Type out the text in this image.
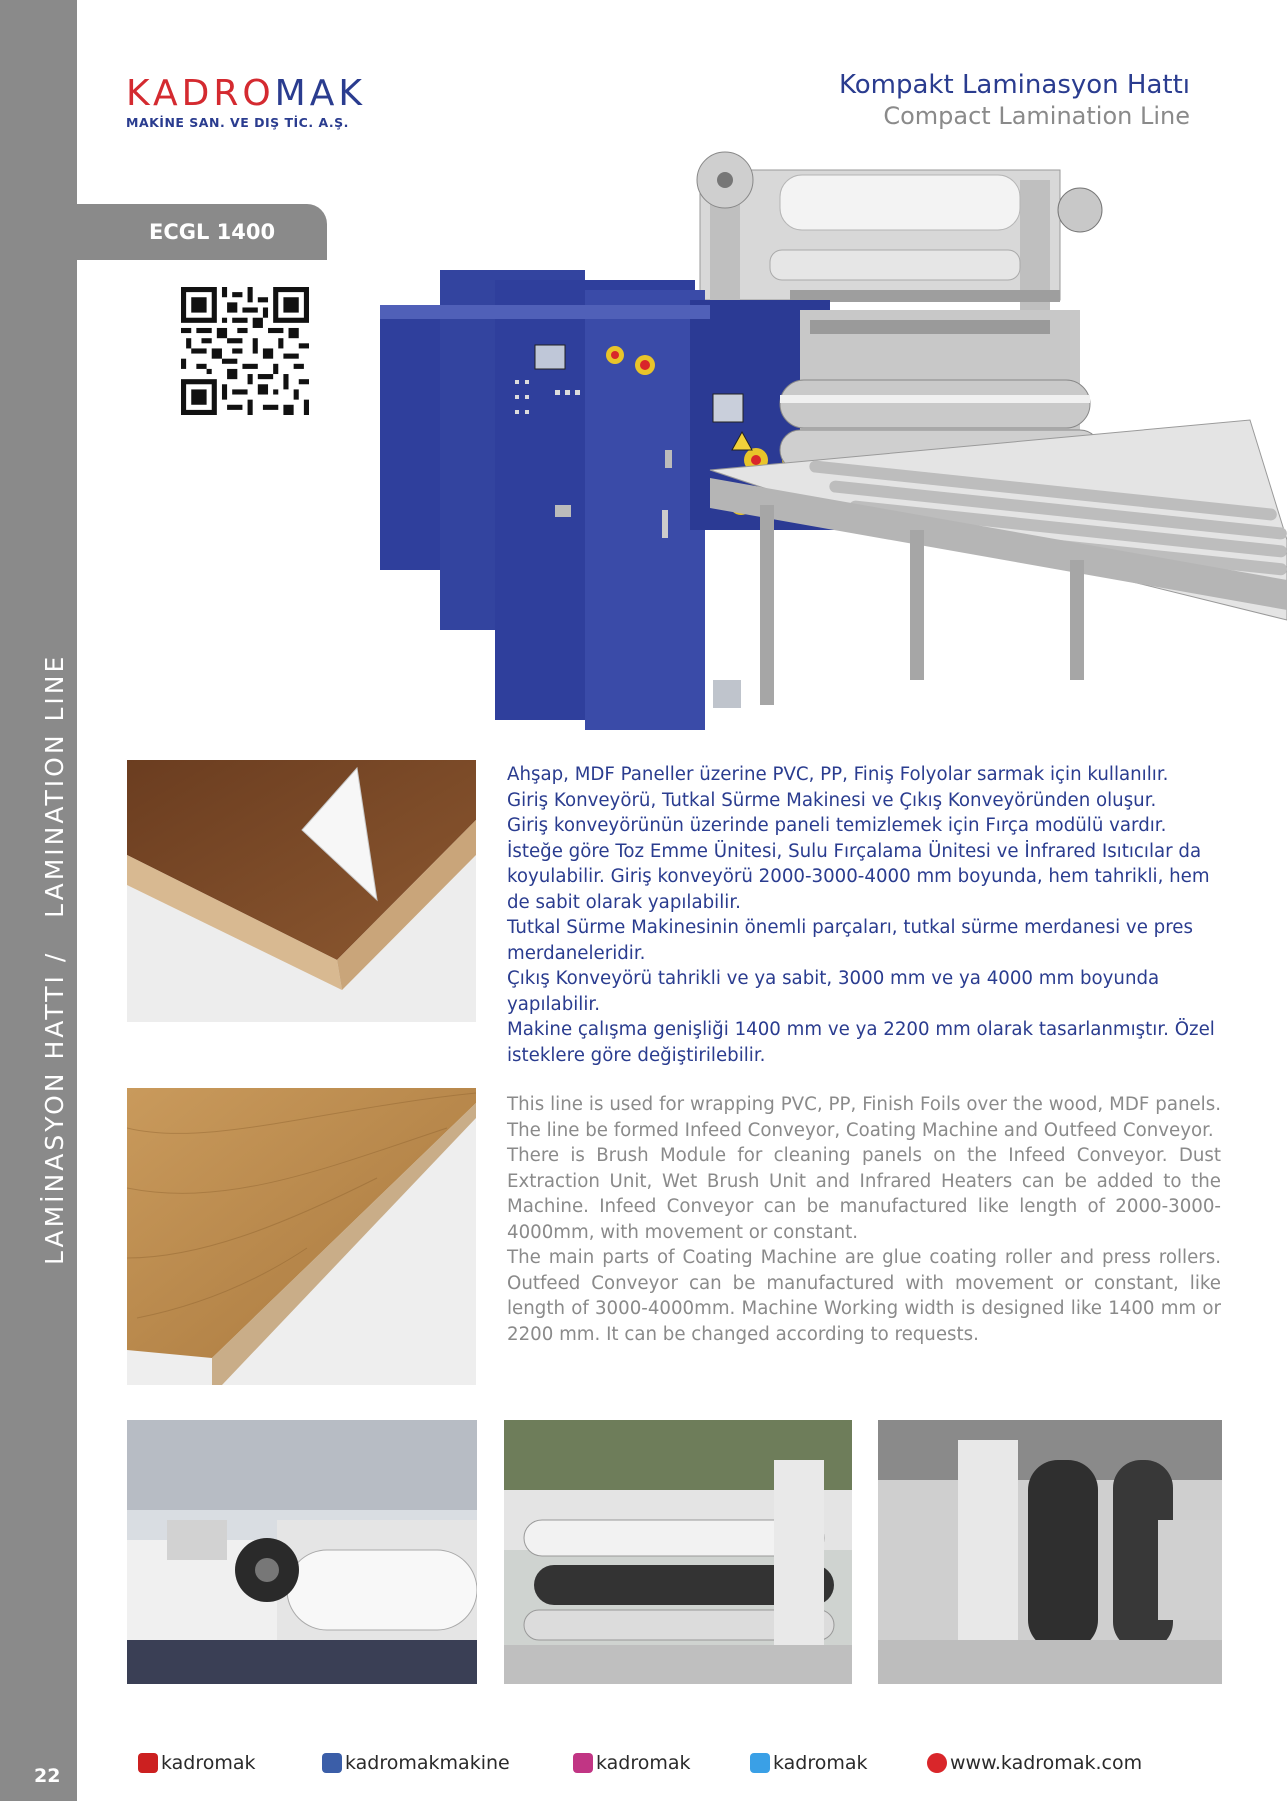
LAMİNASYON HATTI /   LAMINATION LINE
22
KADROMAK
MAKİNE SAN. VE DIŞ TİC. A.Ş.
Kompakt Laminasyon Hattı
Compact Lamination Line
ECGL 1400

Ahşap, MDF Paneller üzerine PVC, PP, Finiş Folyolar sarmak için kullanılır.

Giriş Konveyörü, Tutkal Sürme Makinesi ve Çıkış Konveyöründen oluşur.

Giriş konveyörünün üzerinde paneli temizlemek için Fırça modülü vardır.

İsteğe göre Toz Emme Ünitesi, Sulu Fırçalama Ünitesi ve İnfrared Isıtıcılar da koyulabilir. Giriş konveyörü 2000-3000-4000 mm boyunda, hem tahrikli, hem de sabit olarak yapılabilir.

Tutkal Sürme Makinesinin önemli parçaları, tutkal sürme merdanesi ve pres merdaneleridir.

Çıkış Konveyörü tahrikli ve ya sabit, 3000 mm ve ya 4000 mm boyunda yapılabilir.

Makine çalışma genişliği 1400 mm ve ya 2200 mm olarak tasarlanmıştır. Özel isteklere göre değiştirilebilir.

This line is used for wrapping PVC, PP, Finish Foils over the wood, MDF panels. The line be formed Infeed Conveyor, Coating Machine and Outfeed Conveyor.

There is Brush Module for cleaning panels on the Infeed Conveyor. Dust Extraction Unit, Wet Brush Unit and Infrared Heaters can be added to the Machine. Infeed Conveyor can be manufactured like length of 2000-3000-4000mm, with movement or constant.

The main parts of Coating Machine are glue coating roller and press rollers. Outfeed Conveyor can be manufactured with movement or constant, like length of 3000-4000mm. Machine Working width is designed like 1400 mm or 2200 mm. It can be changed according to requests.

kadromak	kadromakmakine	kadromak	kadromak	www.kadromak.com
